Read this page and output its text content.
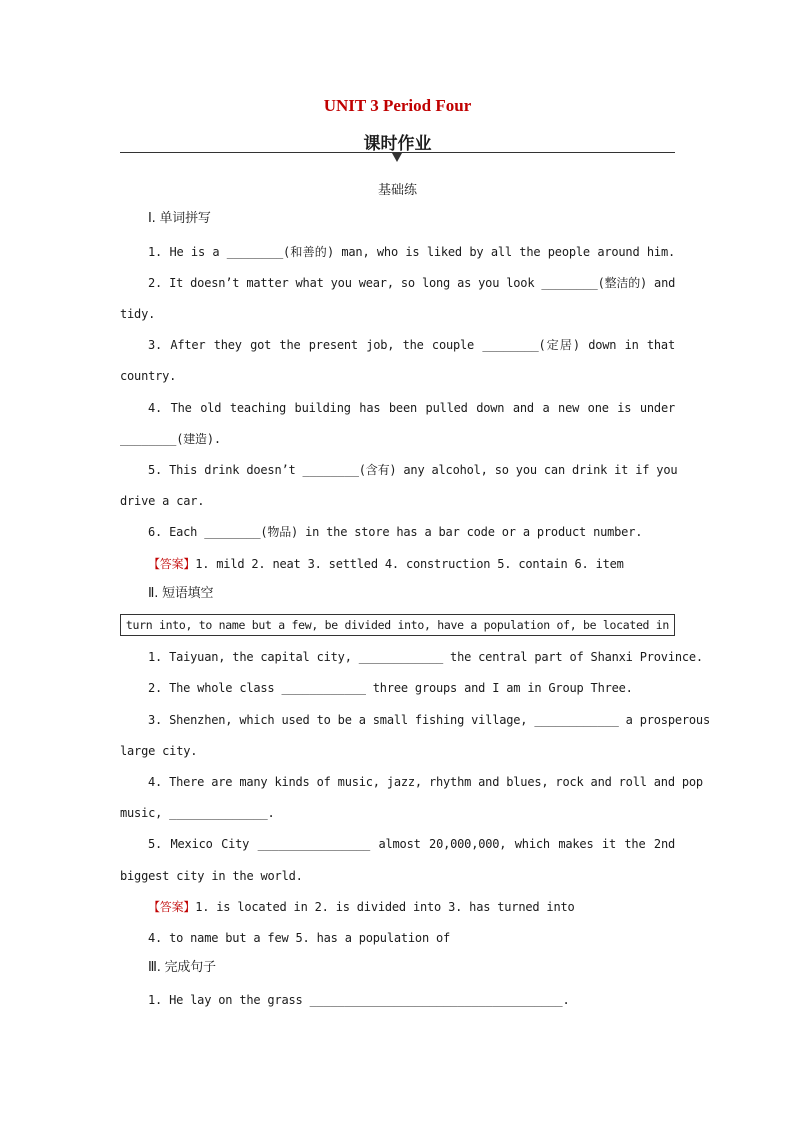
UNIT 3 Period Four
课时作业
基础练
Ⅰ. 单词拼写
1. He is a ________(和善的) man, who is liked by all the people around him.
2. It doesn’t matter what you wear, so long as you look ________(整洁的) and
tidy.
3. After they got the present job, the couple ________(定居) down in that
country.
4. The old teaching building has been pulled down and a new one is under
________(建造).
5. This drink doesn’t ________(含有) any alcohol, so you can drink it if you
drive a car.
6. Each ________(物品) in the store has a bar code or a product number.
【答案】1. mild 2. neat 3. settled 4. construction 5. contain 6. item
Ⅱ. 短语填空
turn into, to name but a few, be divided into, have a population of, be located in
1. Taiyuan, the capital city, ____________ the central part of Shanxi Province.
2. The whole class ____________ three groups and I am in Group Three.
3. Shenzhen, which used to be a small fishing village, ____________ a prosperous
large city.
4. There are many kinds of music, jazz, rhythm and blues, rock and roll and pop
music, ______________.
5. Mexico City ________________ almost 20,000,000, which makes it the 2nd
biggest city in the world.
【答案】1. is located in 2. is divided into 3. has turned into
4. to name but a few 5. has a population of
Ⅲ. 完成句子
1. He lay on the grass ____________________________________.
